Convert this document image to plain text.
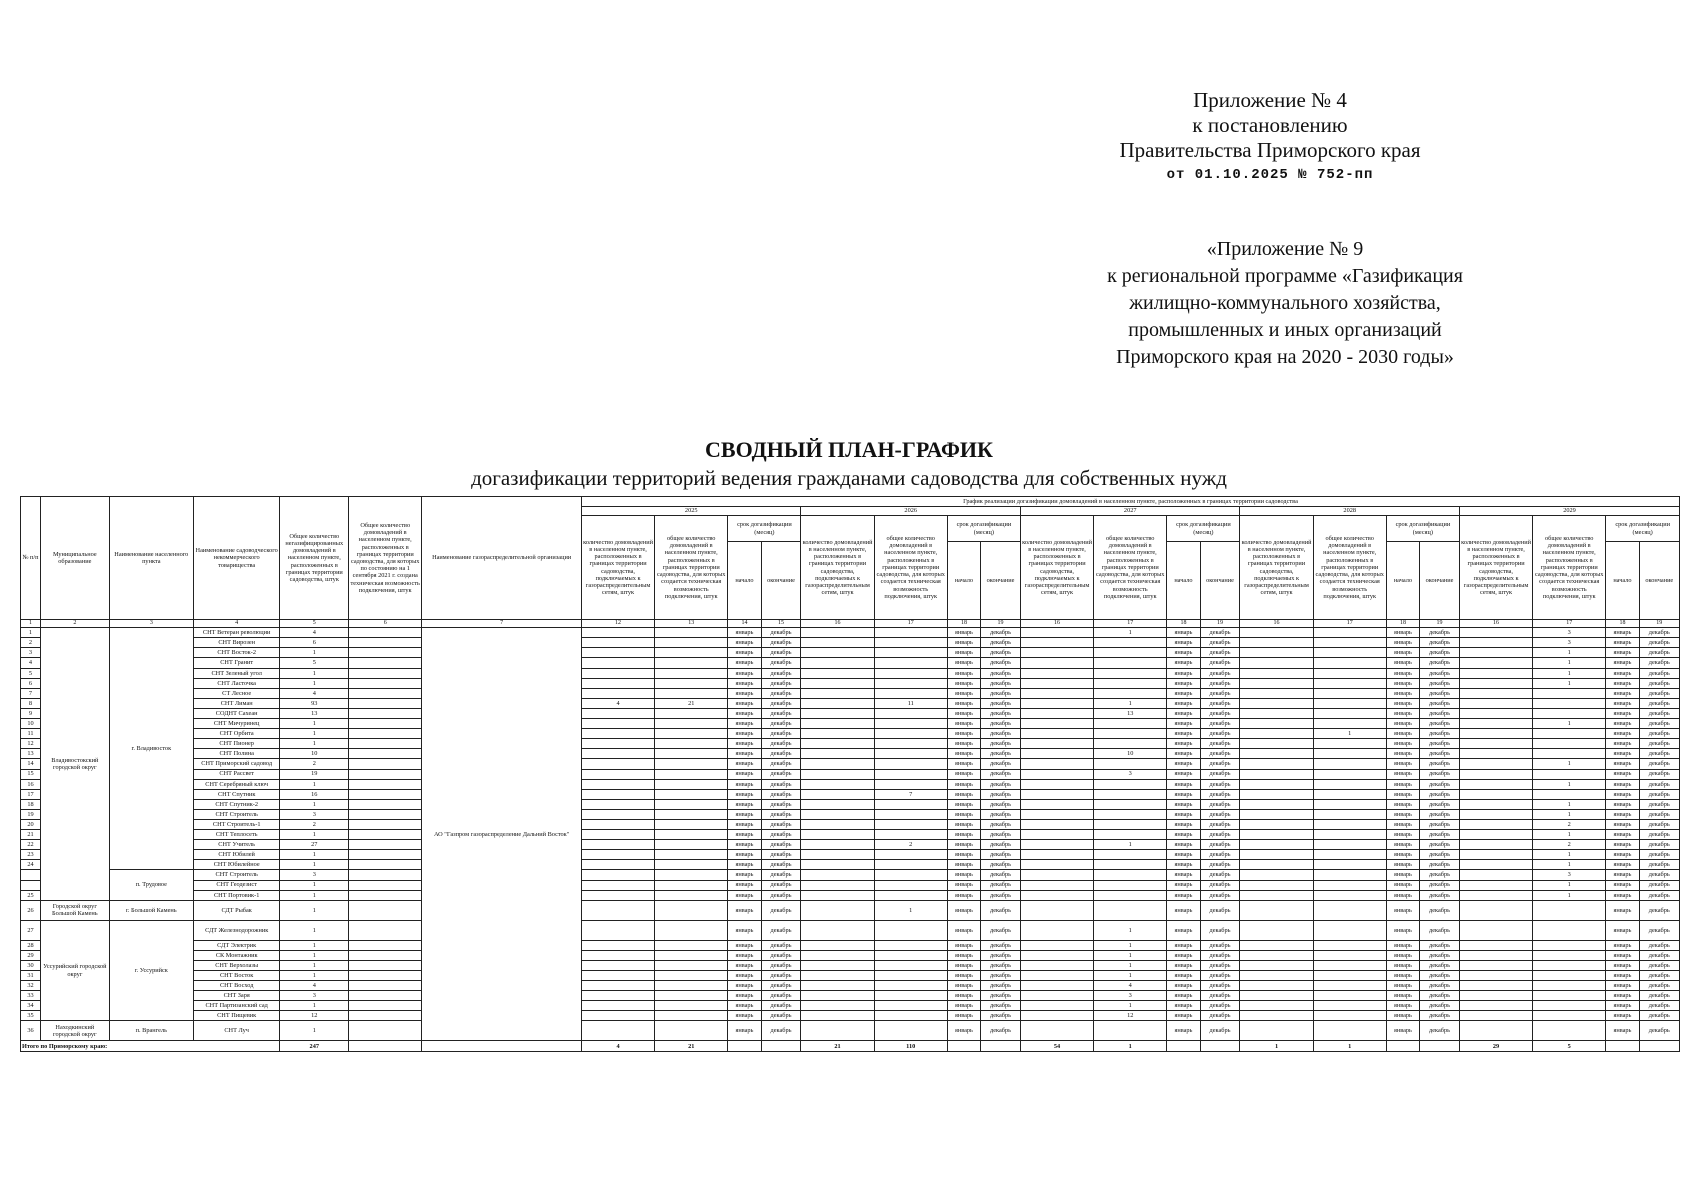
Приложение № 4
к постановлению
Правительства Приморского края
от 01.10.2025 № 752-пп
«Приложение № 9
к региональной программе «Газификация
жилищно-коммунального хозяйства,
промышленных и иных организаций
Приморского края на 2020 - 2030 годы»
СВОДНЫЙ ПЛАН-ГРАФИК
догазификации территорий ведения гражданами садоводства для собственных нужд
№ п/п	Муниципальное образование	Наименование населенного пункта	Наименование садоводческого некоммерческого товарищества	Общее количество негазифицированных домовладений в населенном пункте, расположенных в границах территории садоводства, штук	Общее количество домовладений в населенном пункте, расположенных в границах территории садоводства, для которых по состоянию на 1 сентября 2021 г. создана техническая возможность подключения, штук	Наименование газораспределительной организации	График реализации догазификации домовладений в населенном пункте, расположенных в границах территории садоводства																			
							2025				2026				2027				2028				2029			
							количество домовладений в населенном пункте, расположенных в границах территории садоводства, подключаемых к газораспределительным сетям, штук	общее количество домовладений в населенном пункте, расположенных в границах территории садоводства, для которых создается техническая возможность подключения, штук	срок догазификации (месяц)		количество домовладений в населенном пункте, расположенных в границах территории садоводства, подключаемых к газораспределительным сетям, штук	общее количество домовладений в населенном пункте, расположенных в границах территории садоводства, для которых создается техническая возможность подключения, штук	срок догазификации (месяц)		количество домовладений в населенном пункте, расположенных в границах территории садоводства, подключаемых к газораспределительным сетям, штук	общее количество домовладений в населенном пункте, расположенных в границах территории садоводства, для которых создается техническая возможность подключения, штук	срок догазификации (месяц)		количество домовладений в населенном пункте, расположенных в границах территории садоводства, подключаемых к газораспределительным сетям, штук	общее количество домовладений в населенном пункте, расположенных в границах территории садоводства, для которых создается техническая возможность подключения, штук	срок догазификации (месяц)		количество домовладений в населенном пункте, расположенных в границах территории садоводства, подключаемых к газораспределительным сетям, штук	общее количество домовладений в населенном пункте, расположенных в границах территории садоводства, для которых создается техническая возможность подключения, штук	срок догазификации (месяц)	
									начало	окончание			начало	окончание			начало	окончание			начало	окончание			начало	окончание
1	2	3	4	5	6	7	12	13	14	15	16	17	18	19	16	17	18	19	16	17	18	19	16	17	18	19
1	Владивостокский городской округ	г. Владивосток	СНТ Ветеран революции	4		АО "Газпром газораспределение Дальний Восток"			январь	декабрь			январь	декабрь		1	январь	декабрь			январь	декабрь		3	январь	декабрь
2			СНТ Вирозен	6					январь	декабрь			январь	декабрь			январь	декабрь			январь	декабрь		3	январь	декабрь
3			СНТ Восток-2	1					январь	декабрь			январь	декабрь			январь	декабрь			январь	декабрь		1	январь	декабрь
4			СНТ Гранит	5					январь	декабрь			январь	декабрь			январь	декабрь			январь	декабрь		1	январь	декабрь
5			СНТ Зеленый угол	1					январь	декабрь			январь	декабрь			январь	декабрь			январь	декабрь		1	январь	декабрь
6			СНТ Ласточка	1					январь	декабрь			январь	декабрь			январь	декабрь			январь	декабрь		1	январь	декабрь
7			СТ Лесное	4					январь	декабрь			январь	декабрь			январь	декабрь			январь	декабрь			январь	декабрь
8			СНТ Лиман	93			4	21	январь	декабрь		11	январь	декабрь		1	январь	декабрь			январь	декабрь			январь	декабрь
9			СОДНТ Сахеан	13					январь	декабрь			январь	декабрь		13	январь	декабрь			январь	декабрь			январь	декабрь
10			СНТ Мичуринец	1					январь	декабрь			январь	декабрь			январь	декабрь			январь	декабрь		1	январь	декабрь
11			СНТ Орбита	1					январь	декабрь			январь	декабрь			январь	декабрь		1	январь	декабрь			январь	декабрь
12			СНТ Пионер	1					январь	декабрь			январь	декабрь			январь	декабрь			январь	декабрь			январь	декабрь
13			СНТ Полина	10					январь	декабрь			январь	декабрь		10	январь	декабрь			январь	декабрь			январь	декабрь
14			СНТ Приморский садовод	2					январь	декабрь			январь	декабрь			январь	декабрь			январь	декабрь		1	январь	декабрь
15			СНТ Рассвет	19					январь	декабрь			январь	декабрь		3	январь	декабрь			январь	декабрь			январь	декабрь
16			СНТ Серебряный ключ	1					январь	декабрь			январь	декабрь			январь	декабрь			январь	декабрь		1	январь	декабрь
17			СНТ Спутник	16					январь	декабрь		7	январь	декабрь			январь	декабрь			январь	декабрь			январь	декабрь
18			СНТ Спутник-2	1					январь	декабрь			январь	декабрь			январь	декабрь			январь	декабрь		1	январь	декабрь
19			СНТ Строитель	3					январь	декабрь			январь	декабрь			январь	декабрь			январь	декабрь		1	январь	декабрь
20			СНТ Строитель-1	2					январь	декабрь			январь	декабрь			январь	декабрь			январь	декабрь		2	январь	декабрь
21			СНТ Теплосеть	1					январь	декабрь			январь	декабрь			январь	декабрь			январь	декабрь		1	январь	декабрь
22			СНТ Учитель	27					январь	декабрь		2	январь	декабрь		1	январь	декабрь			январь	декабрь		2	январь	декабрь
23			СНТ Юбилей	1					январь	декабрь			январь	декабрь			январь	декабрь			январь	декабрь		1	январь	декабрь
24			СНТ Юбилейное	1					январь	декабрь			январь	декабрь			январь	декабрь			январь	декабрь		1	январь	декабрь
		п. Трудовое	СНТ Строитель	3					январь	декабрь			январь	декабрь			январь	декабрь			январь	декабрь		3	январь	декабрь
			СНТ Геодезист	1					январь	декабрь			январь	декабрь			январь	декабрь			январь	декабрь		1	январь	декабрь
25			СНТ Портовик-1	1					январь	декабрь			январь	декабрь			январь	декабрь			январь	декабрь		1	январь	декабрь
26	Городской округ Большой Камень	г. Большой Камень	СДТ Рыбак	1					январь	декабрь		1	январь	декабрь			январь	декабрь			январь	декабрь			январь	декабрь
27	Уссурийский городской округ	г. Уссурийск	СДТ Железнодорожник	1					январь	декабрь			январь	декабрь		1	январь	декабрь			январь	декабрь			январь	декабрь
28			СДТ Электрик	1					январь	декабрь			январь	декабрь		1	январь	декабрь			январь	декабрь			январь	декабрь
29			СК Монтажник	1					январь	декабрь			январь	декабрь		1	январь	декабрь			январь	декабрь			январь	декабрь
30			СНТ Верхолазы	1					январь	декабрь			январь	декабрь		1	январь	декабрь			январь	декабрь			январь	декабрь
31			СНТ Восток	1					январь	декабрь			январь	декабрь		1	январь	декабрь			январь	декабрь			январь	декабрь
32			СНТ Восход	4					январь	декабрь			январь	декабрь		4	январь	декабрь			январь	декабрь			январь	декабрь
33			СНТ Заря	3					январь	декабрь			январь	декабрь		3	январь	декабрь			январь	декабрь			январь	декабрь
34			СНТ Партизанский сад	1					январь	декабрь			январь	декабрь		1	январь	декабрь			январь	декабрь			январь	декабрь
35			СНТ Пищевик	12					январь	декабрь			январь	декабрь		12	январь	декабрь			январь	декабрь			январь	декабрь
36	Находкинский городской округ	п. Врангель	СНТ Луч	1					январь	декабрь			январь	декабрь			январь	декабрь			январь	декабрь			январь	декабрь
Итого по Приморскому краю:				247			4	21			21	110			54	1			1	1			29	5		
